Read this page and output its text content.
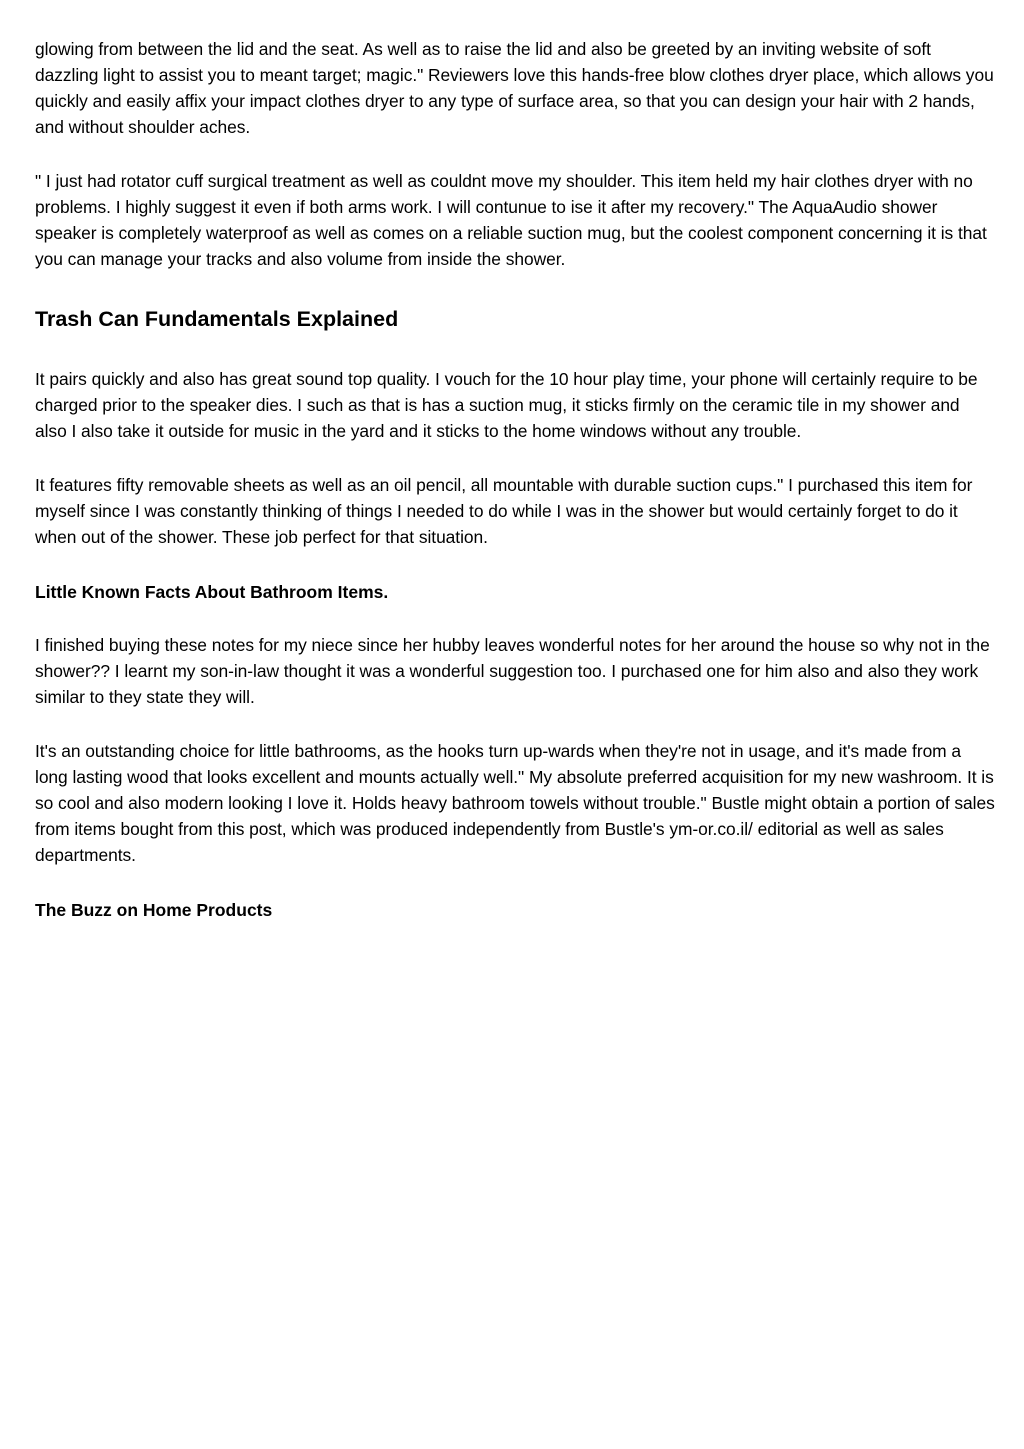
glowing from between the lid and the seat. As well as to raise the lid and also be greeted by an inviting website of soft dazzling light to assist you to meant target; magic." Reviewers love this hands-free blow clothes dryer place, which allows you quickly and easily affix your impact clothes dryer to any type of surface area, so that you can design your hair with 2 hands, and without shoulder aches.

" I just had rotator cuff surgical treatment as well as couldnt move my shoulder. This item held my hair clothes dryer with no problems. I highly suggest it even if both arms work. I will contunue to ise it after my recovery." The AquaAudio shower speaker is completely waterproof as well as comes on a reliable suction mug, but the coolest component concerning it is that you can manage your tracks and also volume from inside the shower.

Trash Can Fundamentals Explained

It pairs quickly and also has great sound top quality. I vouch for the 10 hour play time, your phone will certainly require to be charged prior to the speaker dies. I such as that is has a suction mug, it sticks firmly on the ceramic tile in my shower and also I also take it outside for music in the yard and it sticks to the home windows without any trouble.

It features fifty removable sheets as well as an oil pencil, all mountable with durable suction cups." I purchased this item for myself since I was constantly thinking of things I needed to do while I was in the shower but would certainly forget to do it when out of the shower. These job perfect for that situation.

Little Known Facts About Bathroom Items.

I finished buying these notes for my niece since her hubby leaves wonderful notes for her around the house so why not in the shower?? I learnt my son-in-law thought it was a wonderful suggestion too. I purchased one for him also and also they work similar to they state they will.

It's an outstanding choice for little bathrooms, as the hooks turn up-wards when they're not in usage, and it's made from a long lasting wood that looks excellent and mounts actually well." My absolute preferred acquisition for my new washroom. It is so cool and also modern looking I love it. Holds heavy bathroom towels without trouble." Bustle might obtain a portion of sales from items bought from this post, which was produced independently from Bustle's ym-or.co.il/ editorial as well as sales departments.

The Buzz on Home Products
